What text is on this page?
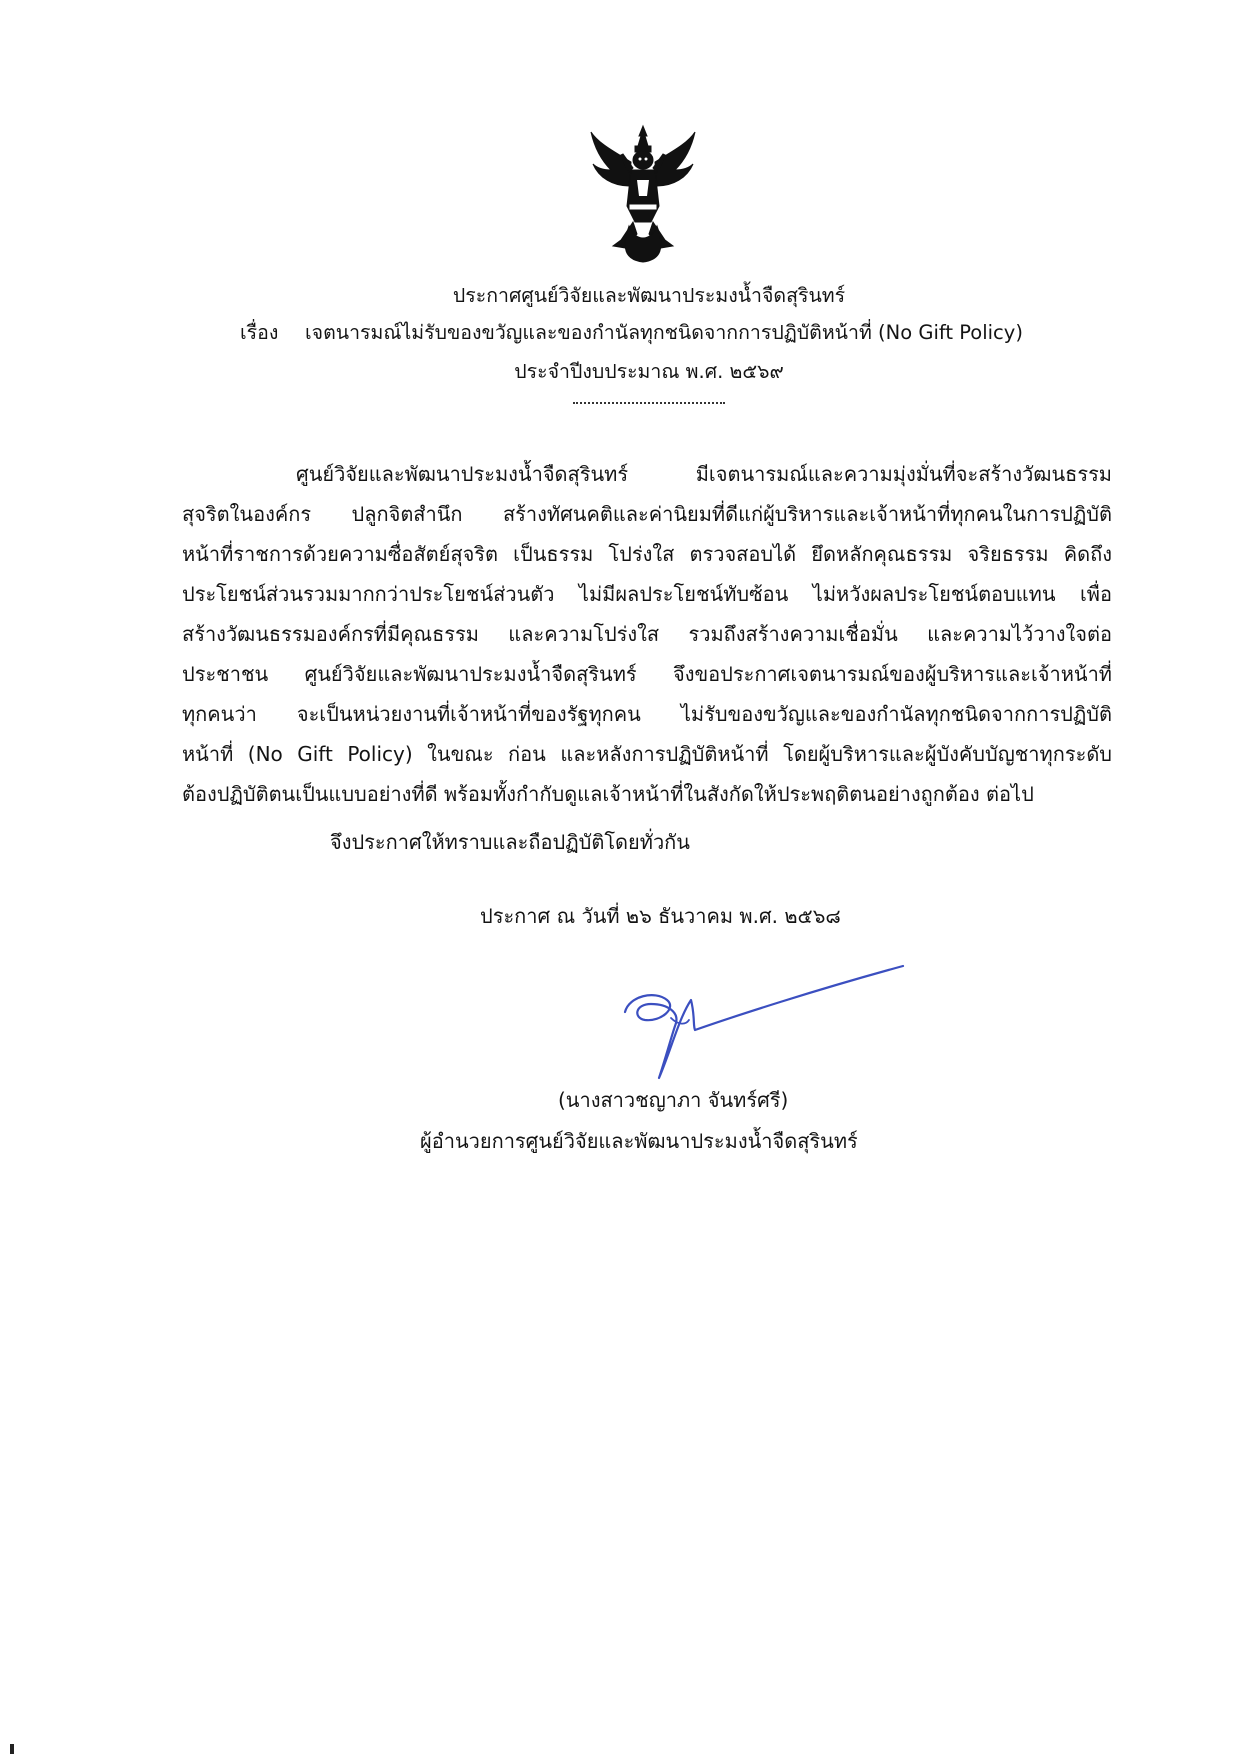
ประกาศศูนย์วิจัยและพัฒนาประมงน้ำจืดสุรินทร์
เรื่อง เจตนารมณ์ไม่รับของขวัญและของกำนัลทุกชนิดจากการปฏิบัติหน้าที่ (No Gift Policy)
ประจำปีงบประมาณ พ.ศ. ๒๕๖๙
ศูนย์วิจัยและพัฒนาประมงน้ำจืดสุรินทร์ มีเจตนารมณ์และความมุ่งมั่นที่จะสร้างวัฒนธรรม
สุจริตในองค์กร ปลูกจิตสำนึก สร้างทัศนคติและค่านิยมที่ดีแก่ผู้บริหารและเจ้าหน้าที่ทุกคนในการปฏิบัติ
หน้าที่ราชการด้วยความซื่อสัตย์สุจริต เป็นธรรม โปร่งใส ตรวจสอบได้ ยึดหลักคุณธรรม จริยธรรม คิดถึง
ประโยชน์ส่วนรวมมากกว่าประโยชน์ส่วนตัว ไม่มีผลประโยชน์ทับซ้อน ไม่หวังผลประโยชน์ตอบแทน เพื่อ
สร้างวัฒนธรรมองค์กรที่มีคุณธรรม และความโปร่งใส รวมถึงสร้างความเชื่อมั่น และความไว้วางใจต่อ
ประชาชน ศูนย์วิจัยและพัฒนาประมงน้ำจืดสุรินทร์ จึงขอประกาศเจตนารมณ์ของผู้บริหารและเจ้าหน้าที่
ทุกคนว่า จะเป็นหน่วยงานที่เจ้าหน้าที่ของรัฐทุกคน ไม่รับของขวัญและของกำนัลทุกชนิดจากการปฏิบัติ
หน้าที่ (No Gift Policy) ในขณะ ก่อน และหลังการปฏิบัติหน้าที่ โดยผู้บริหารและผู้บังคับบัญชาทุกระดับ
ต้องปฏิบัติตนเป็นแบบอย่างที่ดี พร้อมทั้งกำกับดูแลเจ้าหน้าที่ในสังกัดให้ประพฤติตนอย่างถูกต้อง ต่อไป
จึงประกาศให้ทราบและถือปฏิบัติโดยทั่วกัน
ประกาศ ณ วันที่ ๒๖ ธันวาคม พ.ศ. ๒๕๖๘
(นางสาวชญาภา จันทร์ศรี)
ผู้อำนวยการศูนย์วิจัยและพัฒนาประมงน้ำจืดสุรินทร์
